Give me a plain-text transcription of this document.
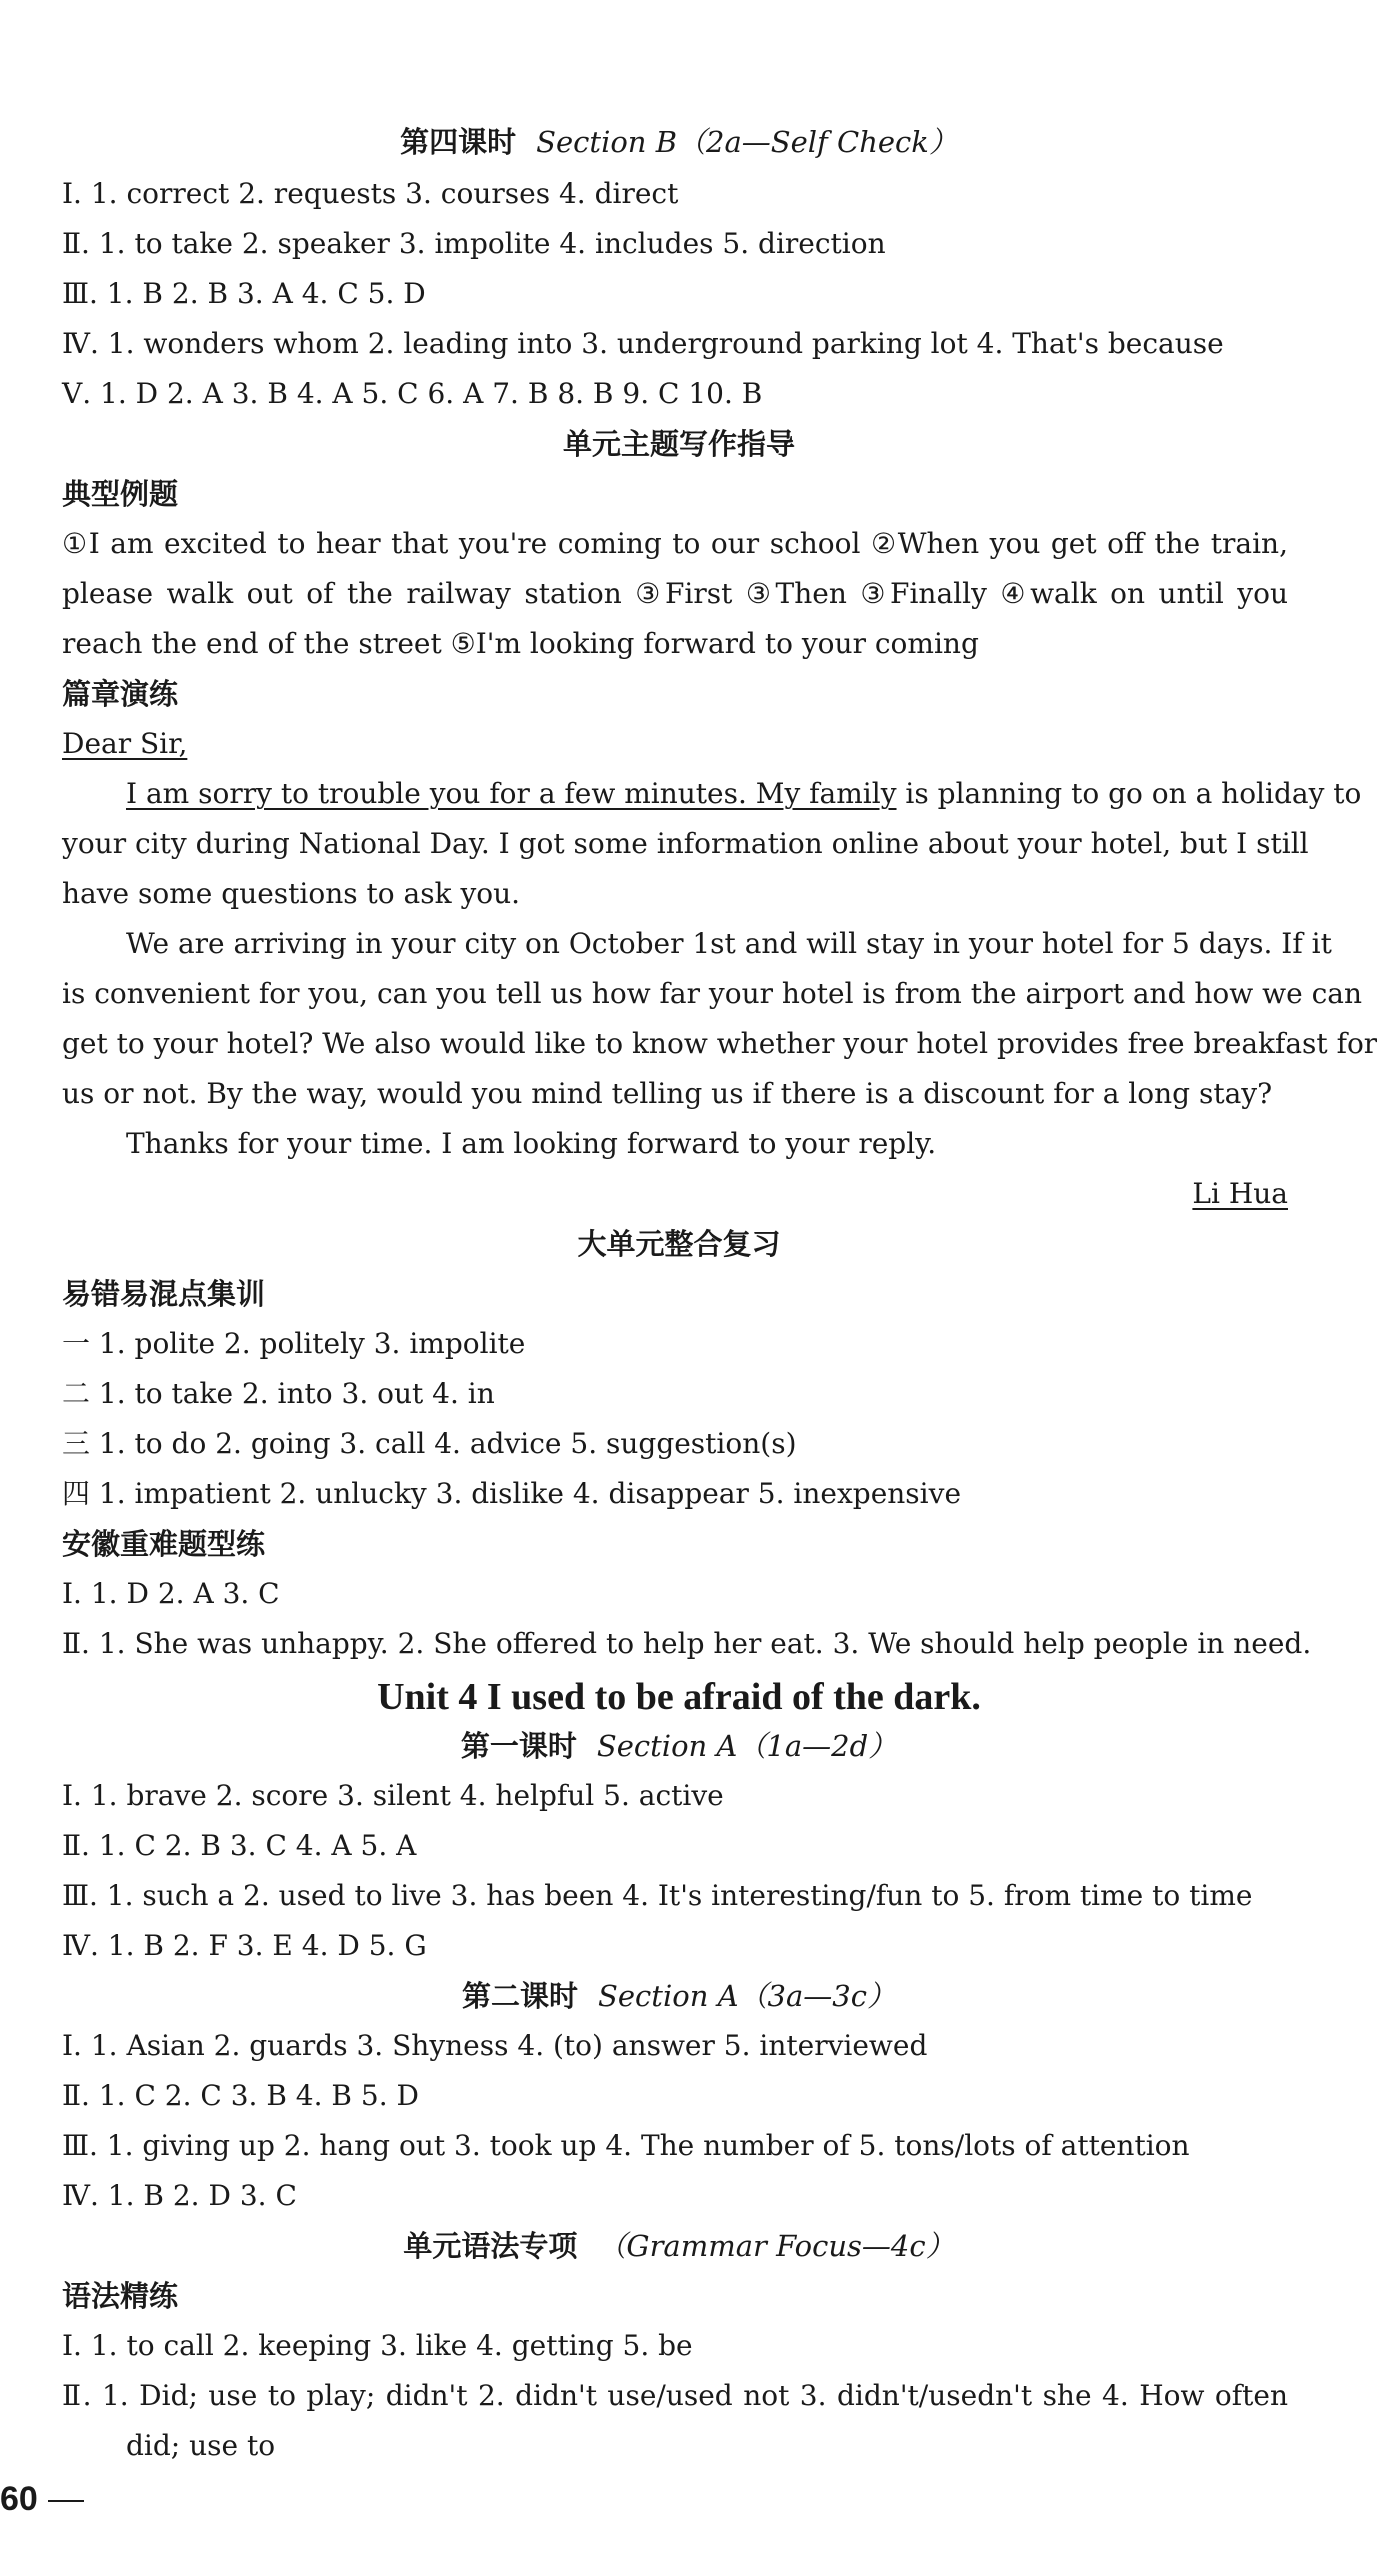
第四课时 Section B（2a—Self Check）
Ⅰ. 1. correct 2. requests 3. courses 4. direct
Ⅱ. 1. to take 2. speaker 3. impolite 4. includes 5. direction
Ⅲ. 1. B 2. B 3. A 4. C 5. D
Ⅳ. 1. wonders whom 2. leading into 3. underground parking lot 4. That's because
Ⅴ. 1. D 2. A 3. B 4. A 5. C 6. A 7. B 8. B 9. C 10. B
单元主题写作指导
典型例题
①I am excited to hear that you're coming to our school ②When you get off the train,
please walk out of the railway station ③First ③Then ③Finally ④walk on until you
reach the end of the street ⑤I'm looking forward to your coming
篇章演练
Dear Sir,
I am sorry to trouble you for a few minutes. My family is planning to go on a holiday to
your city during National Day. I got some information online about your hotel, but I still
have some questions to ask you.
We are arriving in your city on October 1st and will stay in your hotel for 5 days. If it
is convenient for you, can you tell us how far your hotel is from the airport and how we can
get to your hotel? We also would like to know whether your hotel provides free breakfast for
us or not. By the way, would you mind telling us if there is a discount for a long stay?
Thanks for your time. I am looking forward to your reply.
Li Hua
大单元整合复习
易错易混点集训
一 1. polite 2. politely 3. impolite
二 1. to take 2. into 3. out 4. in
三 1. to do 2. going 3. call 4. advice 5. suggestion(s)
四 1. impatient 2. unlucky 3. dislike 4. disappear 5. inexpensive
安徽重难题型练
Ⅰ. 1. D 2. A 3. C
Ⅱ. 1. She was unhappy. 2. She offered to help her eat. 3. We should help people in need.
Unit 4 I used to be afraid of the dark.
第一课时 Section A（1a—2d）
Ⅰ. 1. brave 2. score 3. silent 4. helpful 5. active
Ⅱ. 1. C 2. B 3. C 4. A 5. A
Ⅲ. 1. such a 2. used to live 3. has been 4. It's interesting/fun to 5. from time to time
Ⅳ. 1. B 2. F 3. E 4. D 5. G
第二课时 Section A（3a—3c）
Ⅰ. 1. Asian 2. guards 3. Shyness 4. (to) answer 5. interviewed
Ⅱ. 1. C 2. C 3. B 4. B 5. D
Ⅲ. 1. giving up 2. hang out 3. took up 4. The number of 5. tons/lots of attention
Ⅳ. 1. B 2. D 3. C
单元语法专项 （Grammar Focus—4c）
语法精练
Ⅰ. 1. to call 2. keeping 3. like 4. getting 5. be
Ⅱ. 1. Did; use to play; didn't 2. didn't use/used not 3. didn't/usedn't she 4. How often
did; use to
60
